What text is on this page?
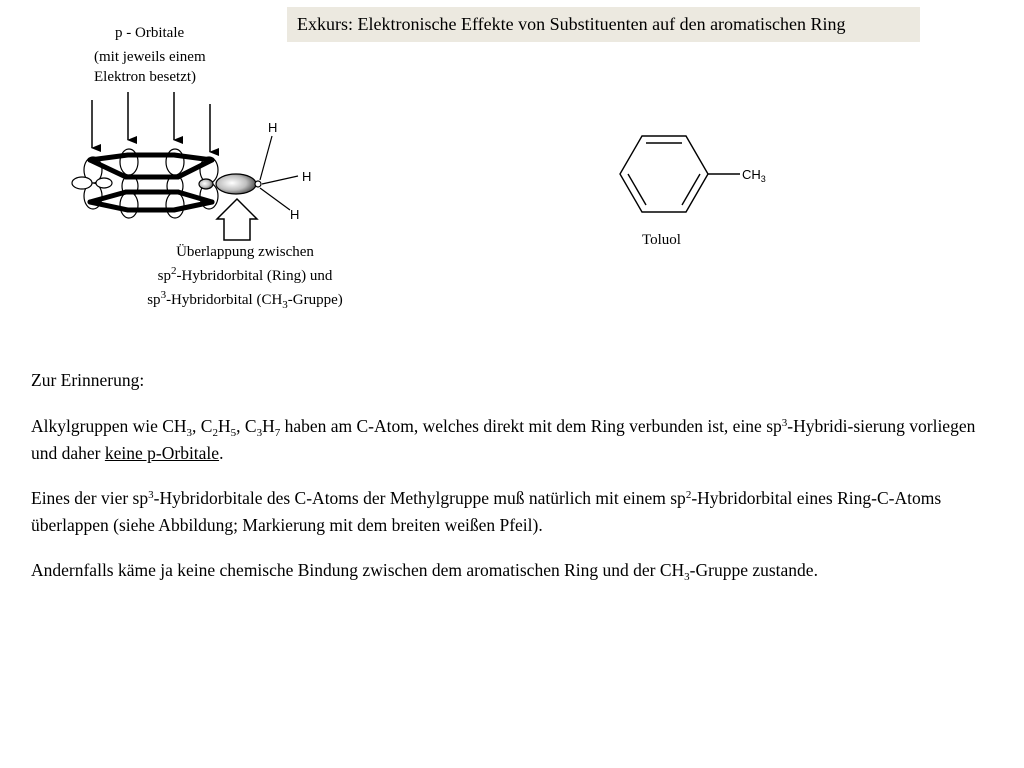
Exkurs: Elektronische Effekte von Substituenten auf den aromatischen Ring
p - Orbitale
(mit jeweils einem
Elektron besetzt)
Überlappung zwischen
$sp^2$-Hybridorbital (Ring) und
$sp^3$-Hybridorbital $(CH_3-Gruppe)$
Toluol
H
H
H
$CH_3$

Zur Erinnerung:

Alkylgruppen wie $CH_3$, $C_2H_5$, $C_3H_7$ haben am C-Atom, welches direkt mit dem Ring verbunden ist, eine $sp^3-Hybridi$-sierung vorliegen und daher keine p-Orbitale.

Eines der vier $sp^3$-Hybridorbitale des C-Atoms der Methylgruppe muß natürlich mit einem $sp^2$-Hybridorbital eines Ring-C-Atoms überlappen (siehe Abbildung; Markierung mit dem breiten weißen Pfeil).

Andernfalls käme ja keine chemische Bindung zwischen dem aromatischen Ring und der $CH_3$-Gruppe zustande.
